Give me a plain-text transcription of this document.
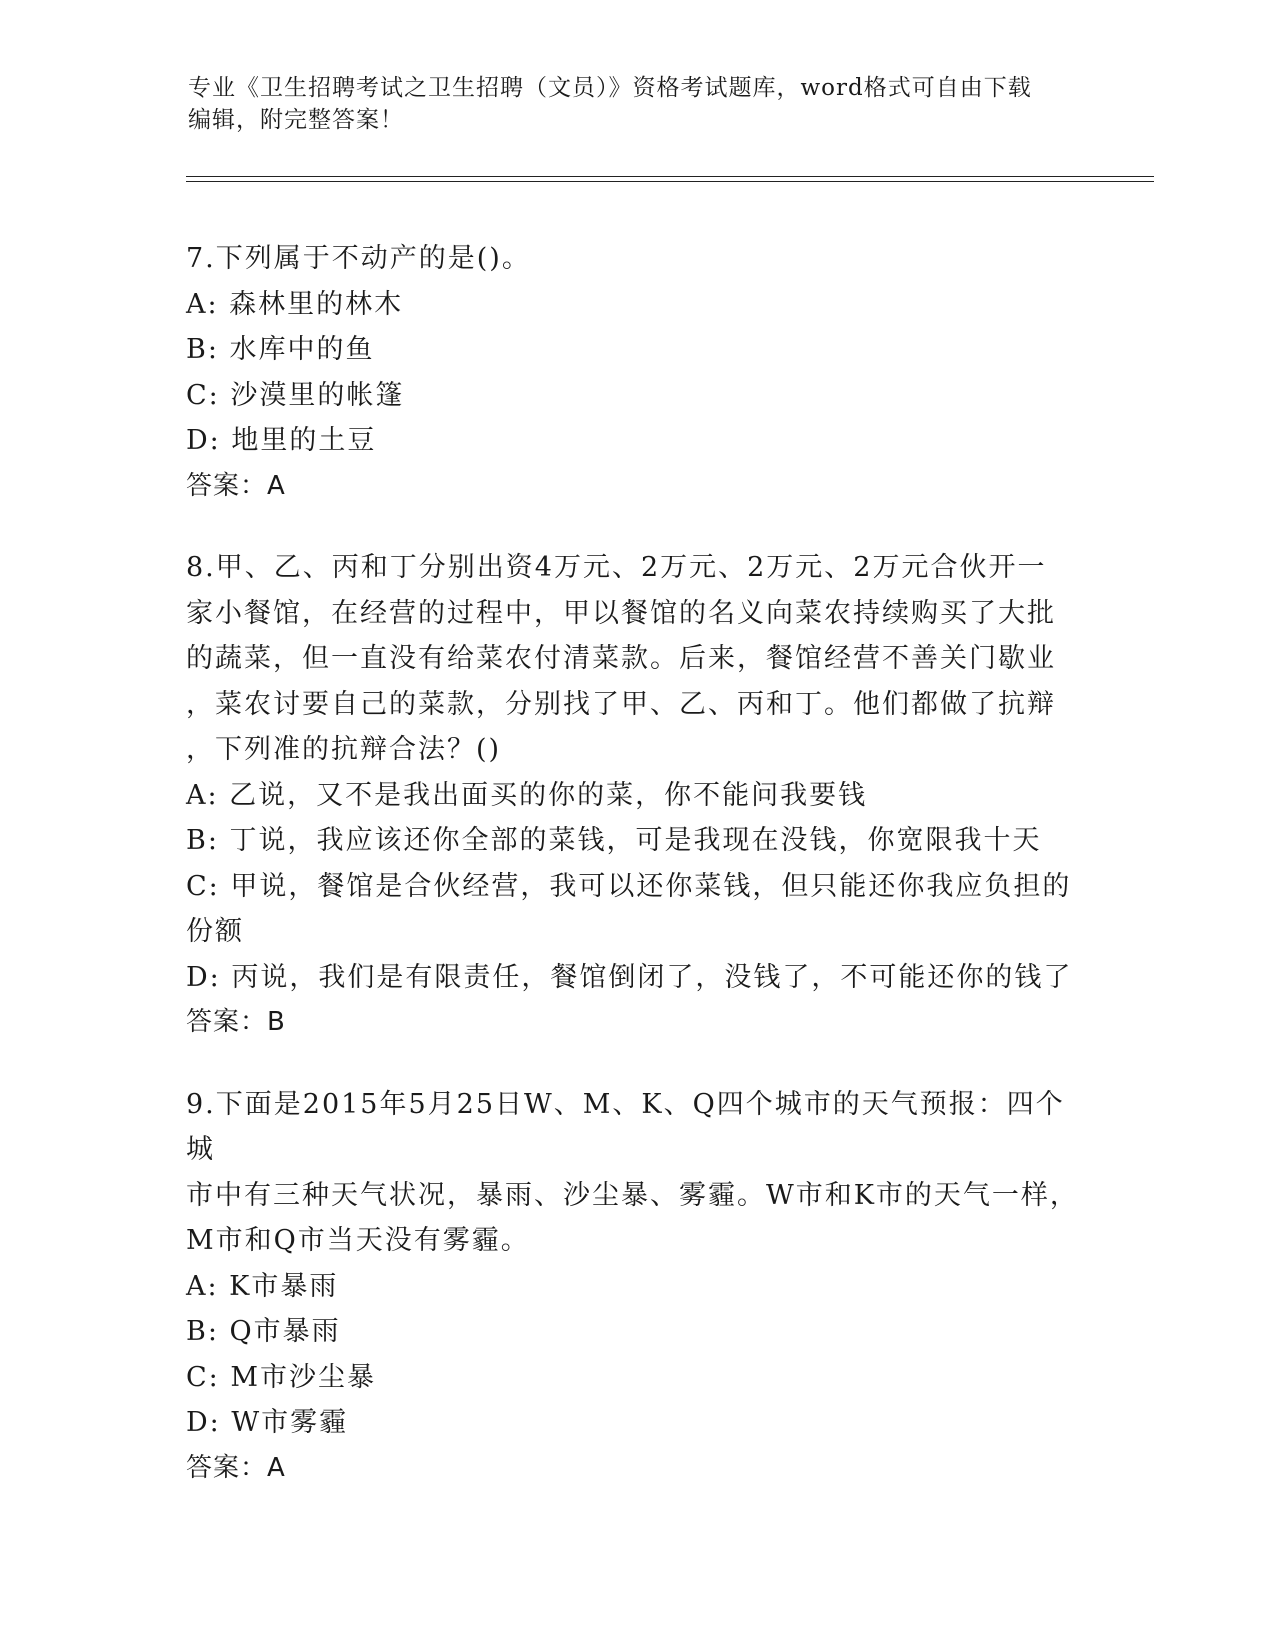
专业《卫生招聘考试之卫生招聘（文员）》资格考试题库，word格式可自由下载
编辑，附完整答案！
7.下列属于不动产的是()。
A: 森林里的林木
B: 水库中的鱼
C: 沙漠里的帐篷
D: 地里的土豆
答案：A
8.甲、乙、丙和丁分别出资4万元、2万元、2万元、2万元合伙开一
家小餐馆，在经营的过程中，甲以餐馆的名义向菜农持续购买了大批
的蔬菜，但一直没有给菜农付清菜款。后来，餐馆经营不善关门歇业
，菜农讨要自己的菜款，分别找了甲、乙、丙和丁。他们都做了抗辩
，下列准的抗辩合法？()
A: 乙说，又不是我出面买的你的菜，你不能问我要钱
B: 丁说，我应该还你全部的菜钱，可是我现在没钱，你宽限我十天
C: 甲说，餐馆是合伙经营，我可以还你菜钱，但只能还你我应负担的
份额
D: 丙说，我们是有限责任，餐馆倒闭了，没钱了，不可能还你的钱了
答案：B
9.下面是2015年5月25日W、M、K、Q四个城市的天气预报：四个城
市中有三种天气状况，暴雨、沙尘暴、雾霾。W市和K市的天气一样，
M市和Q市当天没有雾霾。
A: K市暴雨
B: Q市暴雨
C: M市沙尘暴
D: W市雾霾
答案：A
